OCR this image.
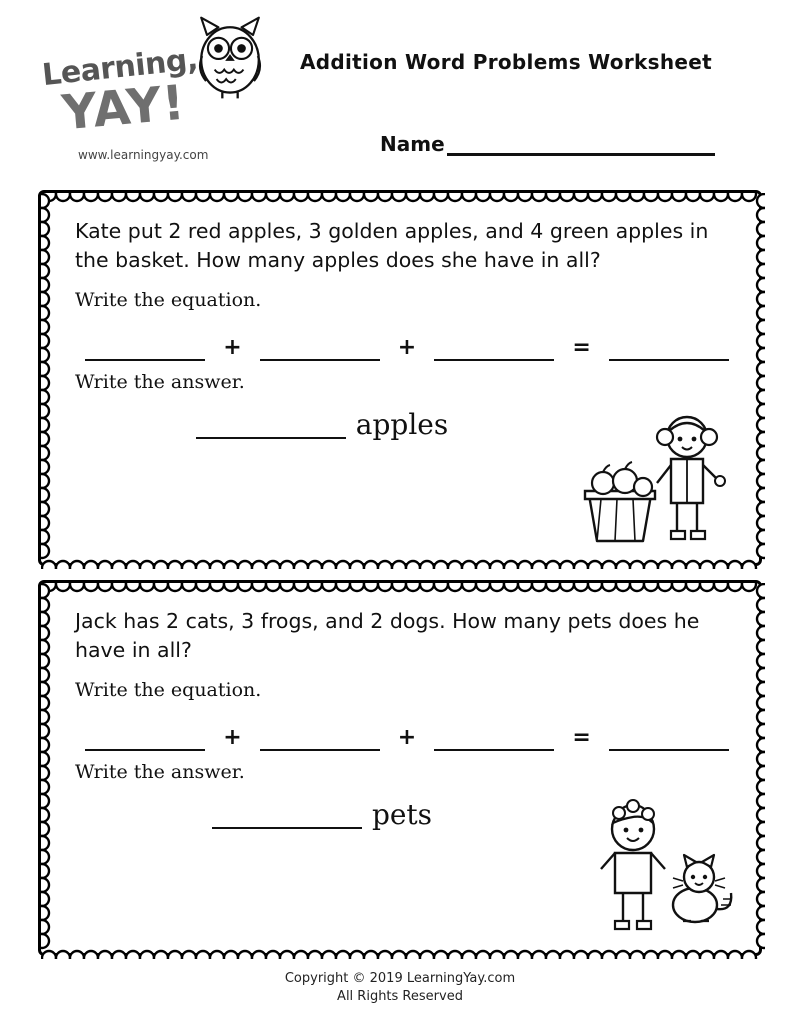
Learning,
YAY!
www.learningyay.com
Addition Word Problems Worksheet
Name

Kate put 2 red apples, 3 golden apples, and 4 green apples in the basket. How many apples does she have in all?

Write the equation.
+	+	=
Write the answer.
apples

Jack has 2 cats, 3 frogs, and 2 dogs. How many pets does he have in all?

Write the equation.
+	+	=
Write the answer.
pets
Copyright © 2019 LearningYay.com
All Rights Reserved
